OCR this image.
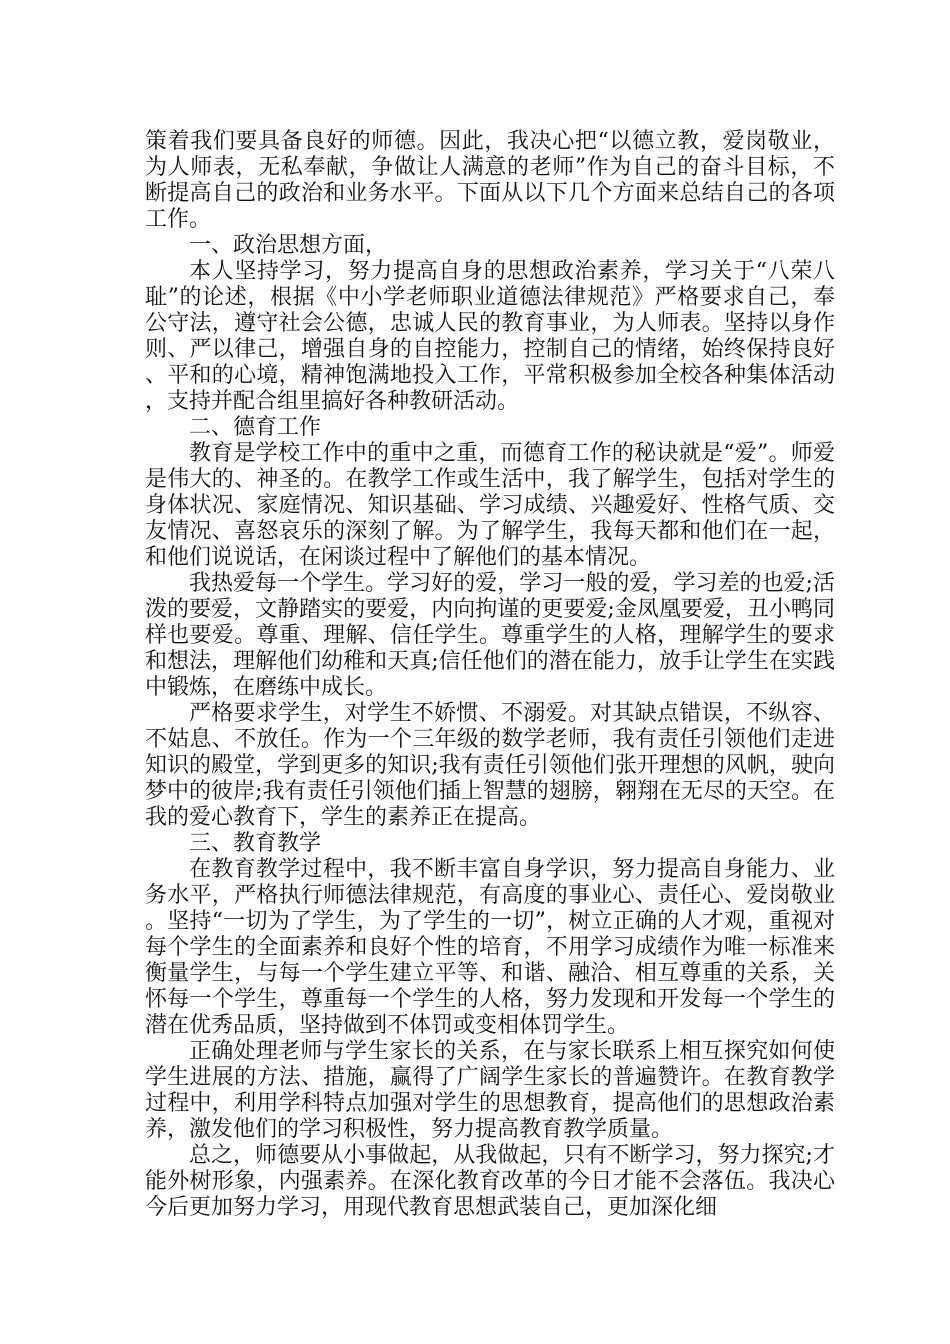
策着我们要具备良好的师德。因此，我决心把“以德立教，爱岗敬业，为人师表，无私奉献，争做让人满意的老师”作为自己的奋斗目标，不断提高自己的政治和业务水平。下面从以下几个方面来总结自己的各项工作。

一、政治思想方面，

本人坚持学习，努力提高自身的思想政治素养，学习关于“八荣八耻”的论述，根据《中小学老师职业道德法律规范》严格要求自己，奉公守法，遵守社会公德，忠诚人民的教育事业，为人师表。坚持以身作则、严以律己，增强自身的自控能力，控制自己的情绪，始终保持良好、平和的心境，精神饱满地投入工作，平常积极参加全校各种集体活动，支持并配合组里搞好各种教研活动。

二、德育工作

教育是学校工作中的重中之重，而德育工作的秘诀就是“爱”。师爱是伟大的、神圣的。在教学工作或生活中，我了解学生，包括对学生的身体状况、家庭情况、知识基础、学习成绩、兴趣爱好、性格气质、交友情况、喜怒哀乐的深刻了解。为了解学生，我每天都和他们在一起，和他们说说话，在闲谈过程中了解他们的基本情况。

我热爱每一个学生。学习好的爱，学习一般的爱，学习差的也爱;活泼的要爱，文静踏实的要爱，内向拘谨的更要爱;金凤凰要爱，丑小鸭同样也要爱。尊重、理解、信任学生。尊重学生的人格，理解学生的要求和想法，理解他们幼稚和天真;信任他们的潜在能力，放手让学生在实践中锻炼，在磨练中成长。

严格要求学生，对学生不娇惯、不溺爱。对其缺点错误，不纵容、不姑息、不放任。作为一个三年级的数学老师，我有责任引领他们走进知识的殿堂，学到更多的知识;我有责任引领他们张开理想的风帆，驶向梦中的彼岸;我有责任引领他们插上智慧的翅膀，翱翔在无尽的天空。在我的爱心教育下，学生的素养正在提高。

三、教育教学

在教育教学过程中，我不断丰富自身学识，努力提高自身能力、业务水平，严格执行师德法律规范，有高度的事业心、责任心、爱岗敬业。坚持“一切为了学生，为了学生的一切”，树立正确的人才观，重视对每个学生的全面素养和良好个性的培育，不用学习成绩作为唯一标准来衡量学生，与每一个学生建立平等、和谐、融洽、相互尊重的关系，关怀每一个学生，尊重每一个学生的人格，努力发现和开发每一个学生的潜在优秀品质，坚持做到不体罚或变相体罚学生。

正确处理老师与学生家长的关系，在与家长联系上相互探究如何使学生进展的方法、措施，赢得了广阔学生家长的普遍赞许。在教育教学过程中，利用学科特点加强对学生的思想教育，提高他们的思想政治素养，激发他们的学习积极性，努力提高教育教学质量。

总之，师德要从小事做起，从我做起，只有不断学习，努力探究;才能外树形象，内强素养。在深化教育改革的今日才能不会落伍。我决心今后更加努力学习，用现代教育思想武装自己，更加深化细
